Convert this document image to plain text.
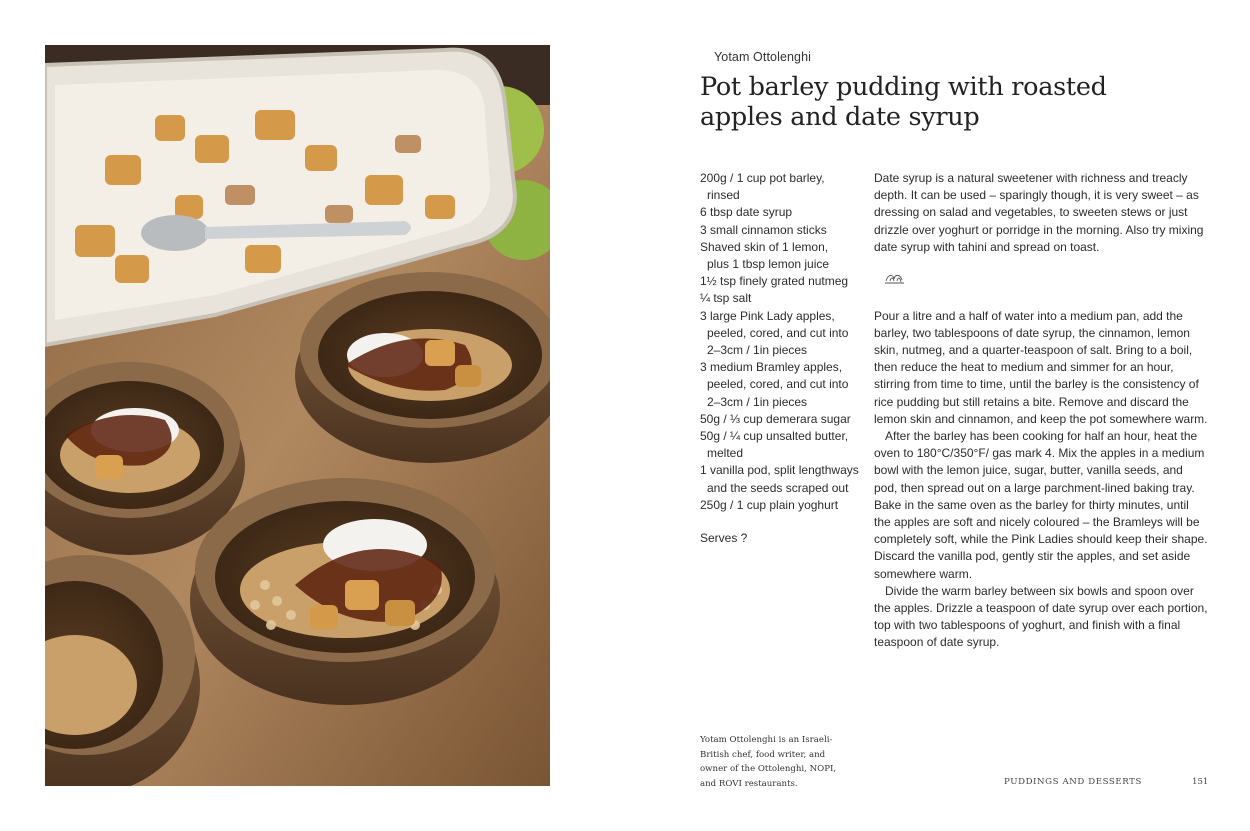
Yotam Ottolenghi
Pot barley pudding with roasted
apples and date syrup
200g / 1 cup pot barley,
rinsed
6 tbsp date syrup
3 small cinnamon sticks
Shaved skin of 1 lemon,
plus 1 tbsp lemon juice
1½ tsp finely grated nutmeg
¼ tsp salt
3 large Pink Lady apples,
peeled, cored, and cut into
2–3cm / 1in pieces
3 medium Bramley apples,
peeled, cored, and cut into
2–3cm / 1in pieces
50g / ⅓ cup demerara sugar
50g / ¼ cup unsalted butter,
melted
1 vanilla pod, split lengthways
and the seeds scraped out
250g / 1 cup plain yoghurt
Serves ?
Date syrup is a natural sweetener with richness and treacly
depth. It can be used – sparingly though, it is very sweet – as
dressing on salad and vegetables, to sweeten stews or just
drizzle over yoghurt or porridge in the morning. Also try mixing
date syrup with tahini and spread on toast.
Pour a litre and a half of water into a medium pan, add the
barley, two tablespoons of date syrup, the cinnamon, lemon
skin, nutmeg, and a quarter-teaspoon of salt. Bring to a boil,
then reduce the heat to medium and simmer for an hour,
stirring from time to time, until the barley is the consistency of
rice pudding but still retains a bite. Remove and discard the
lemon skin and cinnamon, and keep the pot somewhere warm.
After the barley has been cooking for half an hour, heat the
oven to 180°C/350°F/ gas mark 4. Mix the apples in a medium
bowl with the lemon juice, sugar, butter, vanilla seeds, and
pod, then spread out on a large parchment-lined baking tray.
Bake in the same oven as the barley for thirty minutes, until
the apples are soft and nicely coloured – the Bramleys will be
completely soft, while the Pink Ladies should keep their shape.
Discard the vanilla pod, gently stir the apples, and set aside
somewhere warm.
Divide the warm barley between six bowls and spoon over
the apples. Drizzle a teaspoon of date syrup over each portion,
top with two tablespoons of yoghurt, and finish with a final
teaspoon of date syrup.
Yotam Ottolenghi is an Israeli-
British chef, food writer, and
owner of the Ottolenghi, NOPI,
and ROVI restaurants.	PUDDINGS AND DESSERTS	151
